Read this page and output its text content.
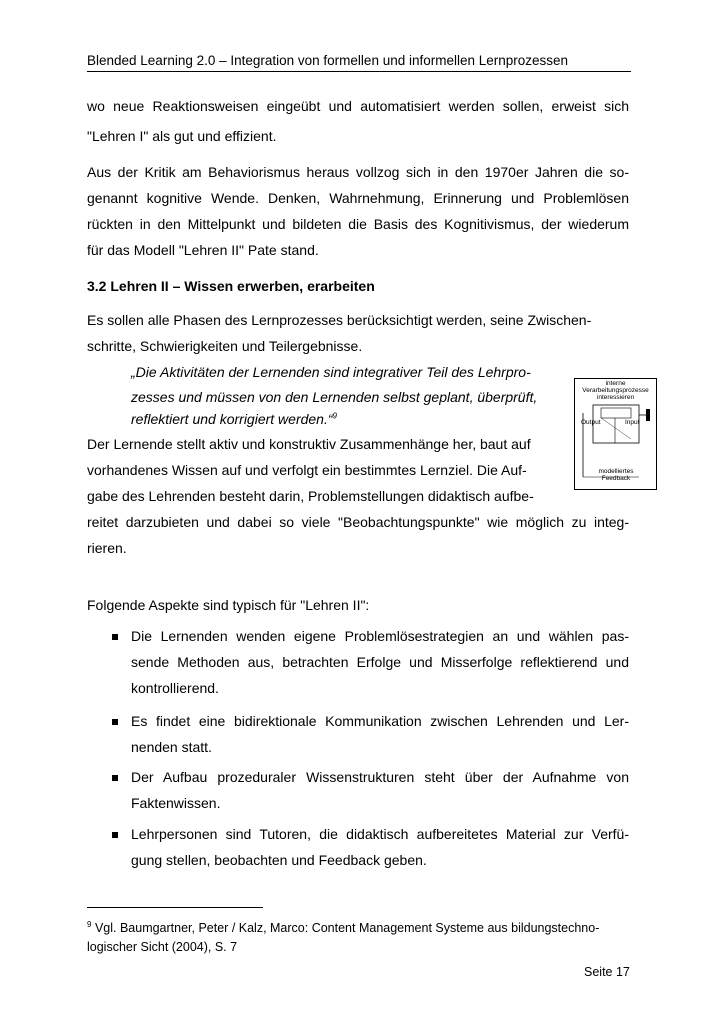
Blended Learning 2.0 – Integration von formellen und informellen Lernprozessen
wo neue Reaktionsweisen eingeübt und automatisiert werden sollen, erweist sich
"Lehren I" als gut und effizient.
Aus der Kritik am Behaviorismus heraus vollzog sich in den 1970er Jahren die so-
genannt kognitive Wende. Denken, Wahrnehmung, Erinnerung und Problemlösen
rückten in den Mittelpunkt und bildeten die Basis des Kognitivismus, der wiederum
für das Modell "Lehren II" Pate stand.
3.2 Lehren II – Wissen erwerben, erarbeiten
Es sollen alle Phasen des Lernprozesses berücksichtigt werden, seine Zwischen-
schritte, Schwierigkeiten und Teilergebnisse.
„Die Aktivitäten der Lernenden sind integrativer Teil des Lehrpro-
zesses und müssen von den Lernenden selbst geplant, überprüft,
reflektiert und korrigiert werden.“$^9$
interne
Verarbeitungsprozesse
interessieren
Output	Input
modelliertes
Feedback
Der Lernende stellt aktiv und konstruktiv Zusammenhänge her, baut auf
vorhandenes Wissen auf und verfolgt ein bestimmtes Lernziel. Die Auf-
gabe des Lehrenden besteht darin, Problemstellungen didaktisch aufbe-
reitet darzubieten und dabei so viele "Beobachtungspunkte" wie möglich zu integ-
rieren.
Folgende Aspekte sind typisch für "Lehren II":
Die Lernenden wenden eigene Problemlösestrategien an und wählen pas-
sende Methoden aus, betrachten Erfolge und Misserfolge reflektierend und
kontrollierend.
Es findet eine bidirektionale Kommunikation zwischen Lehrenden und Ler-
nenden statt.
Der Aufbau prozeduraler Wissenstrukturen steht über der Aufnahme von
Faktenwissen.
Lehrpersonen sind Tutoren, die didaktisch aufbereitetes Material zur Verfü-
gung stellen, beobachten und Feedback geben.
$^9$ Vgl. Baumgartner, Peter / Kalz, Marco: Content Management Systeme aus bildungstechno-
logischer Sicht (2004), S. 7
Seite 17
